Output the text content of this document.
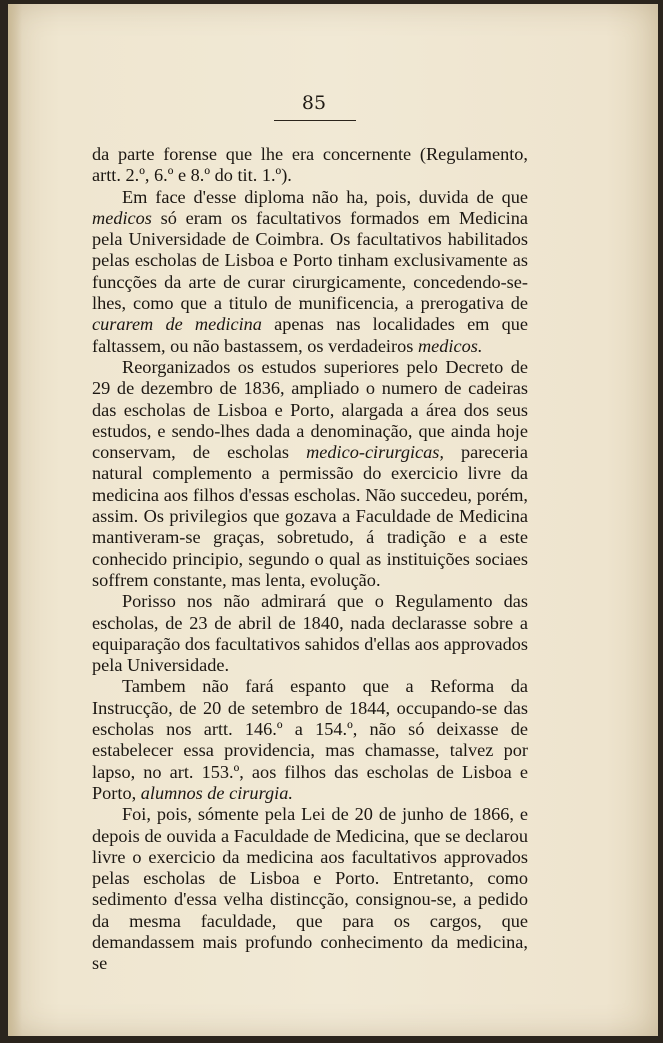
85

da parte forense que lhe era concernente (Regulamento, artt. 2.º, 6.º e 8.º do tit. 1.º).

Em face d'esse diploma não ha, pois, duvida de que medicos só eram os facultativos formados em Medicina pela Universidade de Coimbra. Os facultativos habilitados pelas escholas de Lisboa e Porto tinham exclusivamente as funcções da arte de curar cirurgicamente, concedendo-se-lhes, como que a titulo de munificencia, a prerogativa de curarem de medicina apenas nas localidades em que faltassem, ou não bastassem, os verdadeiros medicos.

Reorganizados os estudos superiores pelo Decreto de 29 de dezembro de 1836, ampliado o numero de cadeiras das escholas de Lisboa e Porto, alargada a área dos seus estudos, e sendo-lhes dada a denominação, que ainda hoje conservam, de escholas medico-cirurgicas, pareceria natural complemento a permissão do exercicio livre da medicina aos filhos d'essas escholas. Não succedeu, porém, assim. Os privilegios que gozava a Faculdade de Medicina mantiveram-se graças, sobretudo, á tradição e a este conhecido principio, segundo o qual as instituições sociaes soffrem constante, mas lenta, evolução.

Porisso nos não admirará que o Regulamento das escholas, de 23 de abril de 1840, nada declarasse sobre a equiparação dos facultativos sahidos d'ellas aos approvados pela Universidade.

Tambem não fará espanto que a Reforma da Instrucção, de 20 de setembro de 1844, occupando-se das escholas nos artt. 146.º a 154.º, não só deixasse de estabelecer essa providencia, mas chamasse, talvez por lapso, no art. 153.º, aos filhos das escholas de Lisboa e Porto, alumnos de cirurgia.

Foi, pois, sómente pela Lei de 20 de junho de 1866, e depois de ouvida a Faculdade de Medicina, que se declarou livre o exercicio da medicina aos facultativos approvados pelas escholas de Lisboa e Porto. Entretanto, como sedimento d'essa velha distincção, consignou-se, a pedido da mesma faculdade, que para os cargos, que demandassem mais profundo conhecimento da medicina, se
